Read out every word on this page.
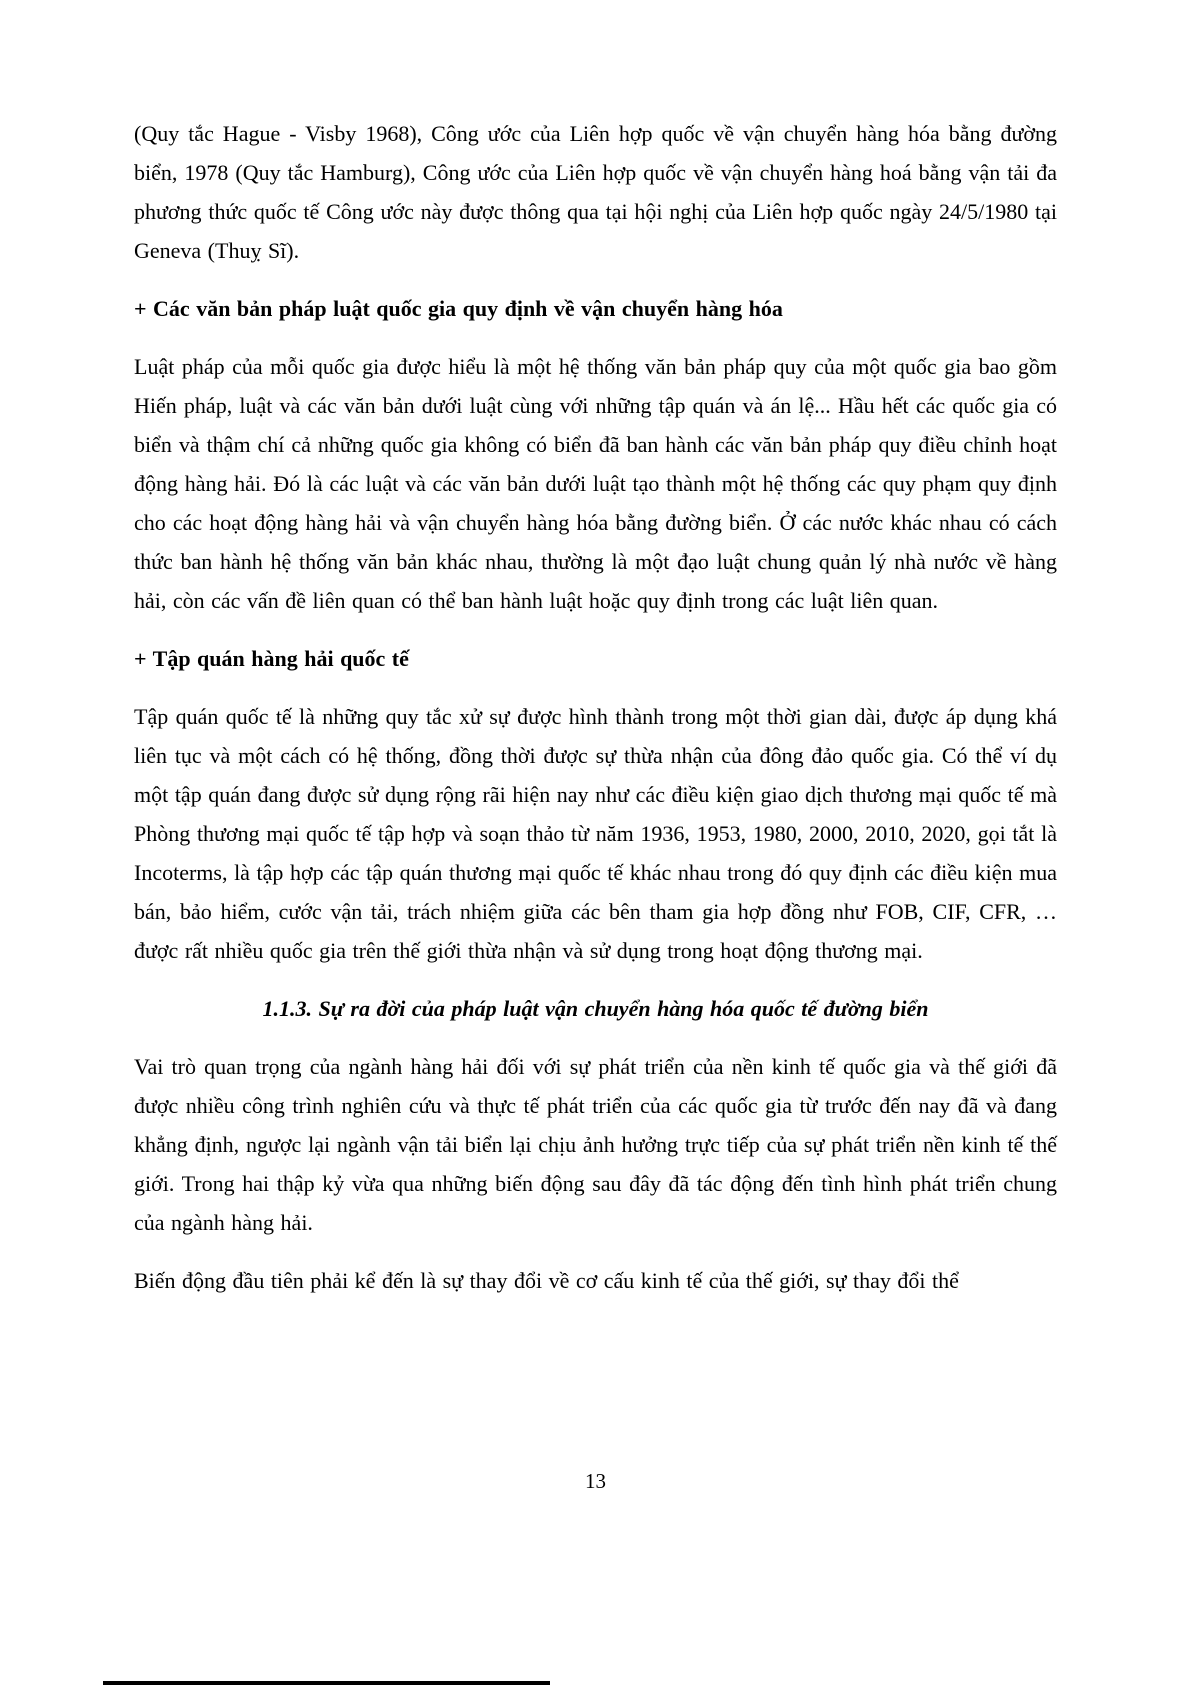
(Quy tắc Hague - Visby 1968), Công ước của Liên hợp quốc về vận chuyển hàng hóa bằng đường biển, 1978 (Quy tắc Hamburg), Công ước của Liên hợp quốc về vận chuyển hàng hoá bằng vận tải đa phương thức quốc tế Công ước này được thông qua tại hội nghị của Liên hợp quốc ngày 24/5/1980 tại Geneva (Thuỵ Sĩ).

+ Các văn bản pháp luật quốc gia quy định về vận chuyển hàng hóa

Luật pháp của mỗi quốc gia được hiểu là một hệ thống văn bản pháp quy của một quốc gia bao gồm Hiến pháp, luật và các văn bản dưới luật cùng với những tập quán và án lệ... Hầu hết các quốc gia có biển và thậm chí cả những quốc gia không có biển đã ban hành các văn bản pháp quy điều chỉnh hoạt động hàng hải. Đó là các luật và các văn bản dưới luật tạo thành một hệ thống các quy phạm quy định cho các hoạt động hàng hải và vận chuyển hàng hóa bằng đường biển. Ở các nước khác nhau có cách thức ban hành hệ thống văn bản khác nhau, thường là một đạo luật chung quản lý nhà nước về hàng hải, còn các vấn đề liên quan có thể ban hành luật hoặc quy định trong các luật liên quan.

+ Tập quán hàng hải quốc tế

Tập quán quốc tế là những quy tắc xử sự được hình thành trong một thời gian dài, được áp dụng khá liên tục và một cách có hệ thống, đồng thời được sự thừa nhận của đông đảo quốc gia. Có thể ví dụ một tập quán đang được sử dụng rộng rãi hiện nay như các điều kiện giao dịch thương mại quốc tế mà Phòng thương mại quốc tế tập hợp và soạn thảo từ năm 1936, 1953, 1980, 2000, 2010, 2020, gọi tắt là Incoterms, là tập hợp các tập quán thương mại quốc tế khác nhau trong đó quy định các điều kiện mua bán, bảo hiểm, cước vận tải, trách nhiệm giữa các bên tham gia hợp đồng như FOB, CIF, CFR, … được rất nhiều quốc gia trên thế giới thừa nhận và sử dụng trong hoạt động thương mại.

1.1.3. Sự ra đời của pháp luật vận chuyển hàng hóa quốc tế đường biển

Vai trò quan trọng của ngành hàng hải đối với sự phát triển của nền kinh tế quốc gia và thế giới đã được nhiều công trình nghiên cứu và thực tế phát triển của các quốc gia từ trước đến nay đã và đang khẳng định, ngược lại ngành vận tải biển lại chịu ảnh hưởng trực tiếp của sự phát triển nền kinh tế thế giới. Trong hai thập kỷ vừa qua những biến động sau đây đã tác động đến tình hình phát triển chung của ngành hàng hải.

Biến động đầu tiên phải kể đến là sự thay đổi về cơ cấu kinh tế của thế giới, sự thay đổi thể

13
